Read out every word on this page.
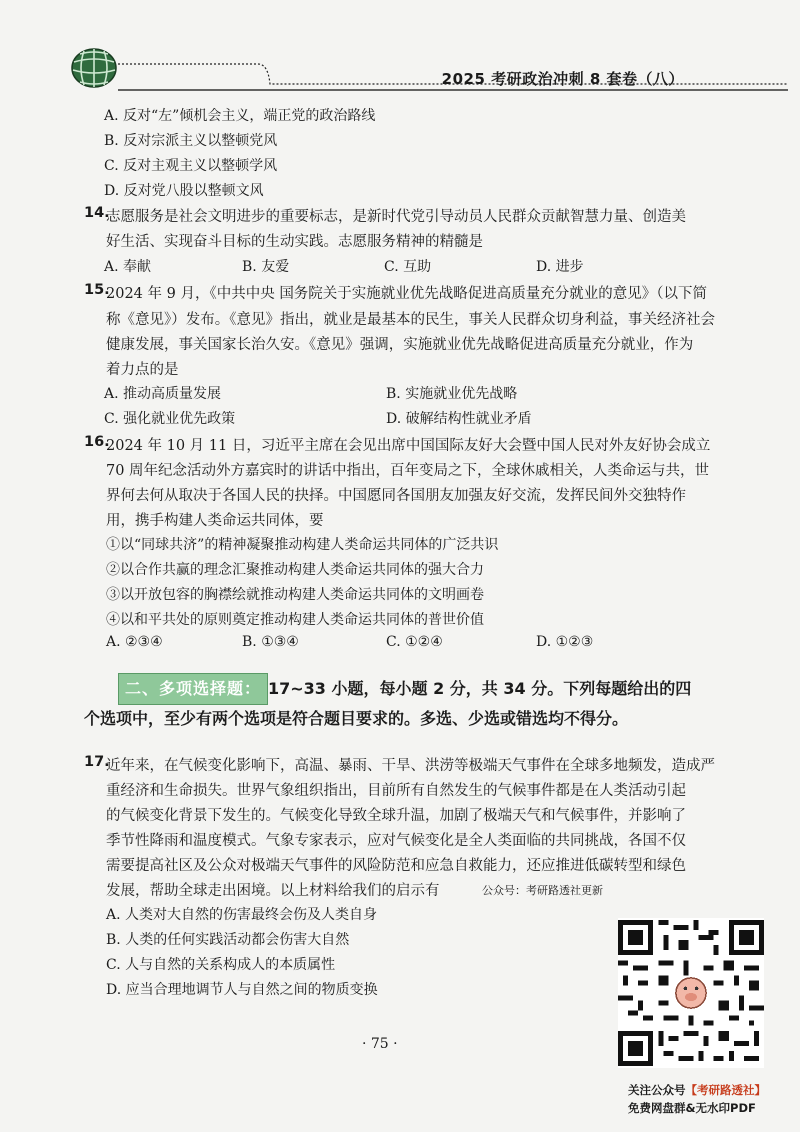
2025 考研政治冲刺 8 套卷（八）
A. 反对“左”倾机会主义，端正党的政治路线
B. 反对宗派主义以整顿党风
C. 反对主观主义以整顿学风
D. 反对党八股以整顿文风
14.
志愿服务是社会文明进步的重要标志，是新时代党引导动员人民群众贡献智慧力量、创造美
好生活、实现奋斗目标的生动实践。志愿服务精神的精髓是
A. 奉献	B. 友爱	C. 互助	D. 进步
15.
2024 年 9 月，《中共中央 国务院关于实施就业优先战略促进高质量充分就业的意见》（以下简
称《意见》）发布。《意见》指出，就业是最基本的民生，事关人民群众切身利益，事关经济社会
健康发展，事关国家长治久安。《意见》强调，实施就业优先战略促进高质量充分就业，作为
着力点的是
A. 推动高质量发展	B. 实施就业优先战略
C. 强化就业优先政策	D. 破解结构性就业矛盾
16.
2024 年 10 月 11 日，习近平主席在会见出席中国国际友好大会暨中国人民对外友好协会成立
70 周年纪念活动外方嘉宾时的讲话中指出，百年变局之下，全球休戚相关，人类命运与共，世
界何去何从取决于各国人民的抉择。中国愿同各国朋友加强友好交流，发挥民间外交独特作
用，携手构建人类命运共同体，要
①以“同球共济”的精神凝聚推动构建人类命运共同体的广泛共识
②以合作共赢的理念汇聚推动构建人类命运共同体的强大合力
③以开放包容的胸襟绘就推动构建人类命运共同体的文明画卷
④以和平共处的原则奠定推动构建人类命运共同体的普世价值
A. ②③④	B. ①③④	C. ①②④	D. ①②③
二、多项选择题： 17~33 小题，每小题 2 分，共 34 分。下列每题给出的四
个选项中，至少有两个选项是符合题目要求的。多选、少选或错选均不得分。
17.
近年来，在气候变化影响下，高温、暴雨、干旱、洪涝等极端天气事件在全球多地频发，造成严
重经济和生命损失。世界气象组织指出，目前所有自然发生的气候事件都是在人类活动引起
的气候变化背景下发生的。气候变化导致全球升温，加剧了极端天气和气候事件，并影响了
季节性降雨和温度模式。气象专家表示，应对气候变化是全人类面临的共同挑战，各国不仅
需要提高社区及公众对极端天气事件的风险防范和应急自救能力，还应推进低碳转型和绿色
发展，帮助全球走出困境。以上材料给我们的启示有	公众号：考研路透社更新
A. 人类对大自然的伤害最终会伤及人类自身
B. 人类的任何实践活动都会伤害大自然
C. 人与自然的关系构成人的本质属性
D. 应当合理地调节人与自然之间的物质变换
· 75 ·
关注公众号【考研路透社】
免费网盘群&无水印PDF
